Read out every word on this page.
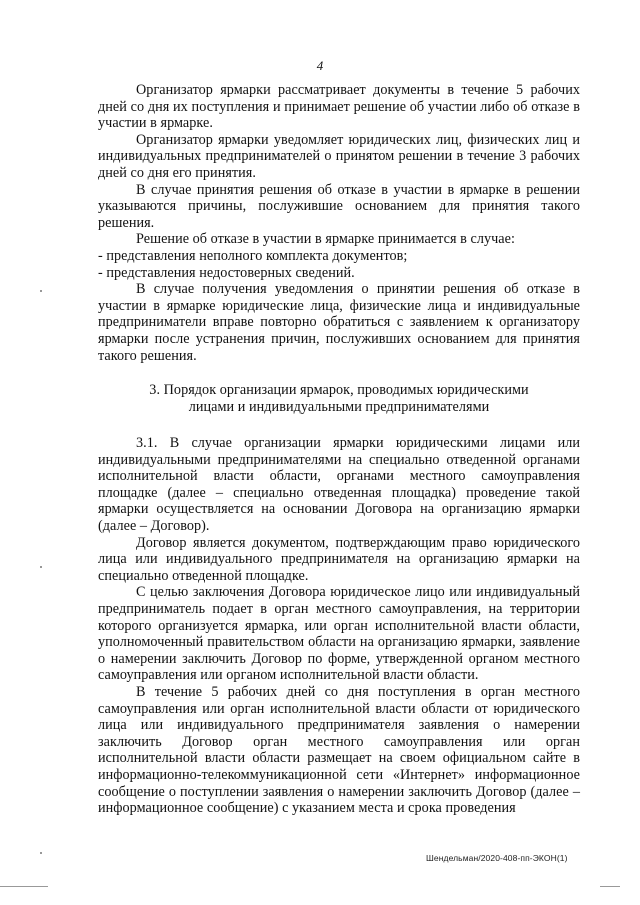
4

Организатор ярмарки рассматривает документы в течение 5 рабочих дней со дня их поступления и принимает решение об участии либо об отказе в участии в ярмарке.

Организатор ярмарки уведомляет юридических лиц, физических лиц и индивидуальных предпринимателей о принятом решении в течение 3 рабочих дней со дня его принятия.

В случае принятия решения об отказе в участии в ярмарке в решении указываются причины, послужившие основанием для принятия такого решения.

Решение об отказе в участии в ярмарке принимается в случае:

- представления неполного комплекта документов;

- представления недостоверных сведений.

В случае получения уведомления о принятии решения об отказе в участии в ярмарке юридические лица, физические лица и индивидуальные предприниматели вправе повторно обратиться с заявлением к организатору ярмарки после устранения причин, послуживших основанием для принятия такого решения.

3. Порядок организации ярмарок, проводимых юридическими
лицами и индивидуальными предпринимателями

3.1. В случае организации ярмарки юридическими лицами или индивидуальными предпринимателями на специально отведенной органами исполнительной власти области, органами местного самоуправления площадке (далее – специально отведенная площадка) проведение такой ярмарки осуществляется на основании Договора на организацию ярмарки (далее – Договор).

Договор является документом, подтверждающим право юридического лица или индивидуального предпринимателя на организацию ярмарки на специально отведенной площадке.

С целью заключения Договора юридическое лицо или индивидуальный предприниматель подает в орган местного самоуправления, на территории которого организуется ярмарка, или орган исполнительной власти области, уполномоченный правительством области на организацию ярмарки, заявление о намерении заключить Договор по форме, утвержденной органом местного самоуправления или органом исполнительной власти области.

В течение 5 рабочих дней со дня поступления в орган местного самоуправления или орган исполнительной власти области от юридического лица или индивидуального предпринимателя заявления о намерении заключить Договор орган местного самоуправления или орган исполнительной власти области размещает на своем официальном сайте в информационно-телекоммуникационной сети «Интернет» информационное сообщение о поступлении заявления о намерении заключить Договор (далее – информационное сообщение) с указанием места и срока проведения

Шендельман/2020-408-пп-ЭКОН(1)
